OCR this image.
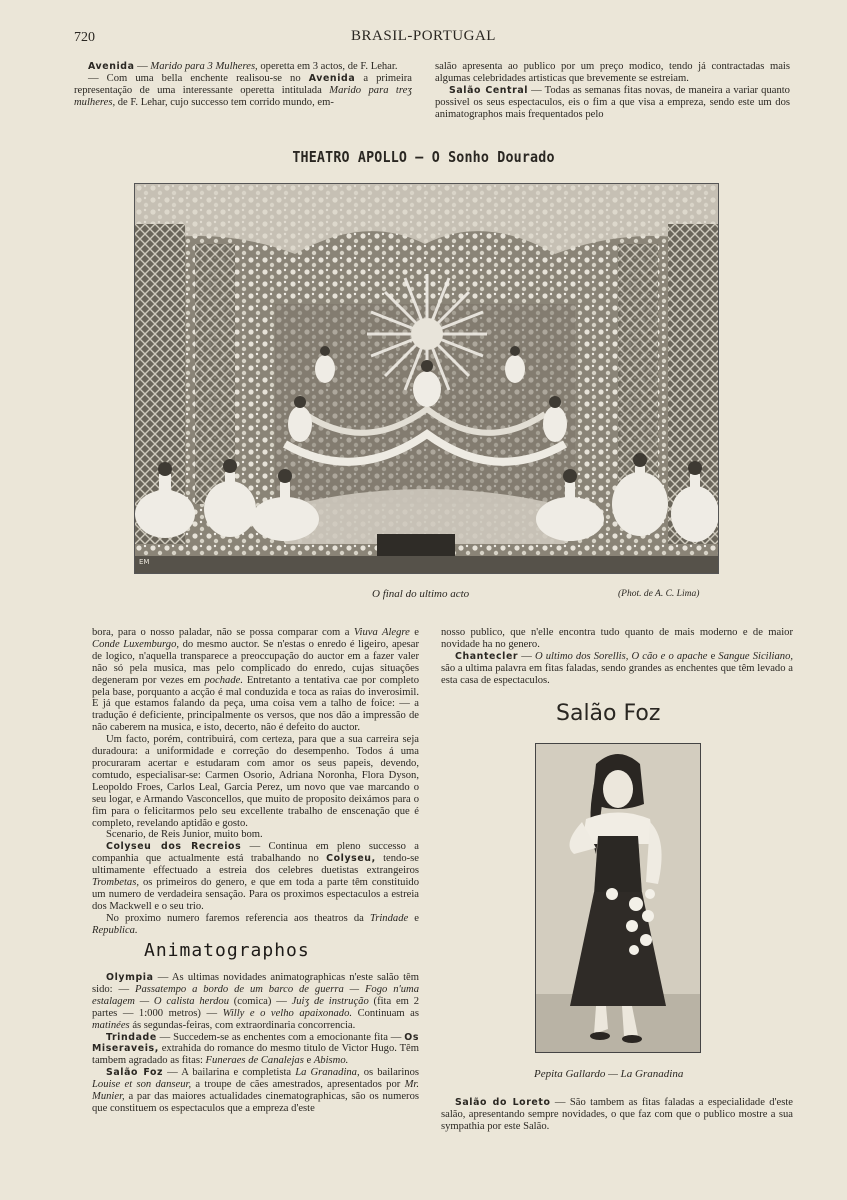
720	BRASIL-PORTUGAL

Avenida — Marido para 3 Mulheres, operetta em 3 actos, de F. Lehar.

— Com uma bella enchente realisou-se no Avenida a primeira representação de uma interessante operetta intitulada Marido para treʒ mulheres, de F. Lehar, cujo successo tem corrido mundo, em-

salão apresenta ao publico por um preço modico, tendo já contractadas mais algumas celebridades artisticas que brevemente se estreiam.

Salão Central — Todas as semanas fitas novas, de maneira a variar quanto possivel os seus espectaculos, eis o fim a que visa a empreza, sendo este um dos animatographos mais frequentados pelo

THEATRO APOLLO — O Sonho Dourado
EM
O final do ultimo acto	(Phot. de A. C. Lima)

bora, para o nosso paladar, não se possa comparar com a Viuva Alegre e Conde Luxemburgo, do mesmo auctor. Se n'estas o enredo é ligeiro, apesar de logico, n'aquella transparece a preoccupação do auctor em a fazer valer não só pela musica, mas pelo complicado do enredo, cujas situações degeneram por vezes em pochade. Entretanto a tentativa cae por completo pela base, porquanto a acção é mal conduzida e toca as raias do inverosimil. E já que estamos falando da peça, uma coisa vem a talho de foice: — a tradução é deficiente, principalmente os versos, que nos dão a impressão de não caberem na musica, e isto, decerto, não é defeito do auctor.

Um facto, porém, contribuirá, com certeza, para que a sua carreira seja duradoura: a uniformidade e correção do desempenho. Todos á uma procuraram acertar e estudaram com amor os seus papeis, devendo, comtudo, especialisar-se: Carmen Osorio, Adriana Noronha, Flora Dyson, Leopoldo Froes, Carlos Leal, Garcia Perez, um novo que vae marcando o seu logar, e Armando Vasconcellos, que muito de proposito deixámos para o fim para o felicitarmos pelo seu excellente trabalho de enscenação que é completo, revelando aptidão e gosto.

Scenario, de Reis Junior, muito bom.

Colyseu dos Recreios — Continua em pleno successo a companhia que actualmente está trabalhando no Colyseu, tendo-se ultimamente effectuado a estreia dos celebres duetistas extrangeiros Trombetas, os primeiros do genero, e que em toda a parte têm constituido um numero de verdadeira sensação. Para os proximos espectaculos a estreia dos Mackwell e o seu trio.

No proximo numero faremos referencia aos theatros da Trindade e Republica.

Animatographos

Olympia — As ultimas novidades animatographicas n'este salão têm sido: — Passatempo a bordo de um barco de guerra — Fogo n'uma estalagem — O calista herdou (comica) — Juiʒ de instrução (fita em 2 partes — 1:000 metros) — Willy e o velho apaixonado. Continuam as matinées ás segundas-feiras, com extraordinaria concorrencia.

Trindade — Succedem-se as enchentes com a emocionante fita — Os Miseraveis, extrahida do romance do mesmo titulo de Victor Hugo. Têm tambem agradado as fitas: Funeraes de Canalejas e Abismo.

Salão Foz — A bailarina e completista La Granadina, os bailarinos Louise et son danseur, a troupe de cães amestrados, apresentados por Mr. Munier, a par das maiores actualidades cinematographicas, são os numeros que constituem os espectaculos que a empreza d'este

nosso publico, que n'elle encontra tudo quanto de mais moderno e de maior novidade ha no genero.

Chantecler — O ultimo dos Sorellis, O cão e o apache e Sangue Siciliano, são a ultima palavra em fitas faladas, sendo grandes as enchentes que têm levado a esta casa de espectaculos.

Salão Foz
Pepita Gallardo — La Granadina

Salão do Loreto — São tambem as fitas faladas a especialidade d'este salão, apresentando sempre novidades, o que faz com que o publico mostre a sua sympathia por este Salão.
